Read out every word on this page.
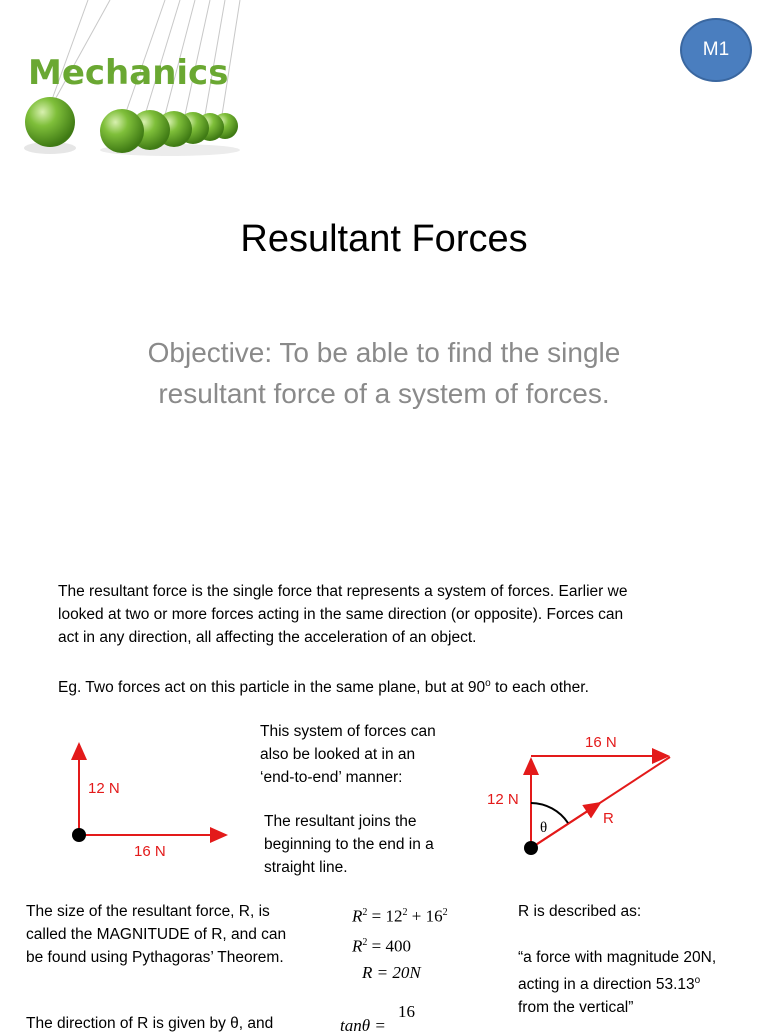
Mechanics
M1
Resultant Forces
Objective: To be able to find the single
resultant force of a system of forces.
The resultant force is the single force that represents a system of forces. Earlier we
looked at two or more forces acting in the same direction (or opposite). Forces can
act in any direction, all affecting the acceleration of an object.
Eg. Two forces act on this particle in the same plane, but at 90$^o$ to each other.
12 N
16 N
This system of forces can
also be looked at in an
‘end-to-end’ manner:
The resultant joins the
beginning to the end in a
straight line.
16 N
12 N
θ
R
The size of the resultant force, R, is
called the MAGNITUDE of R, and can
be found using Pythagoras’ Theorem.
$R^2 = 12^2 + 16^2$
$R^2 = 400$
R = 20N
R is described as:
“a force with magnitude 20N,
acting in a direction 53.13$^o$
from the vertical”
The direction of R is given by θ, and
16
tanθ =
